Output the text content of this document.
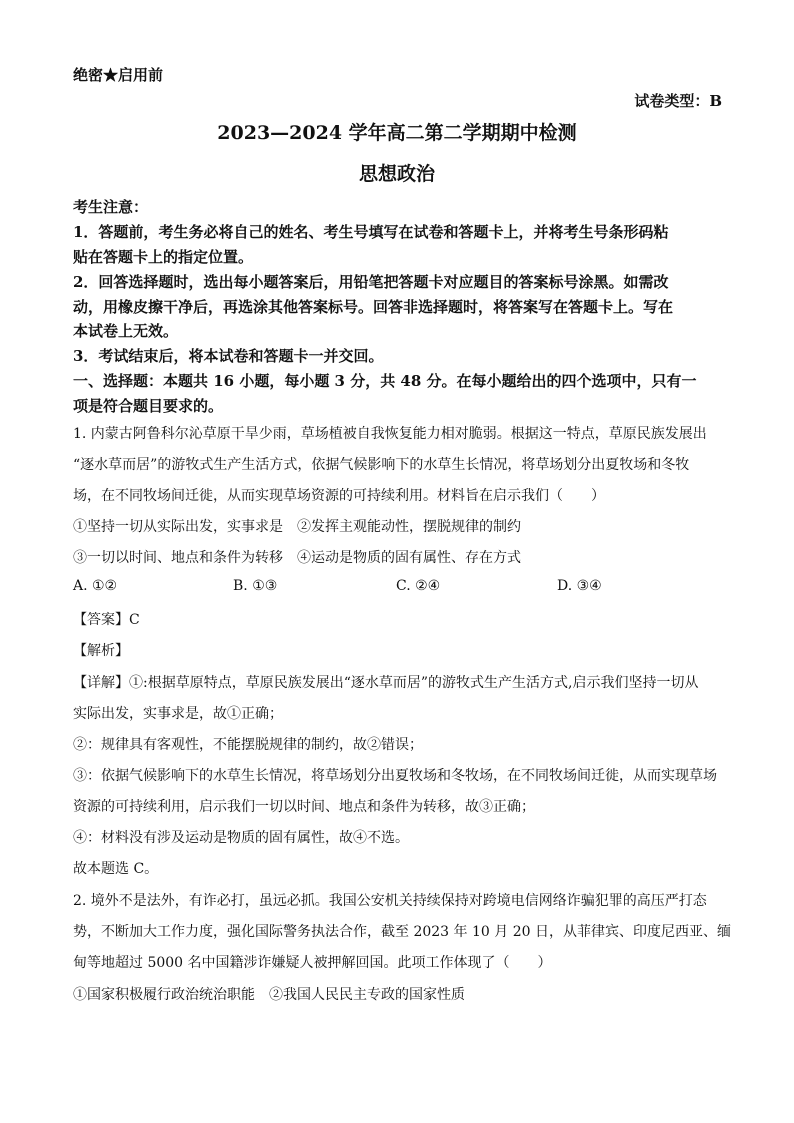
绝密★启用前
试卷类型：B
2023—2024 学年高二第二学期期中检测
思想政治
考生注意：
1．答题前，考生务必将自己的姓名、考生号填写在试卷和答题卡上，并将考生号条形码粘
贴在答题卡上的指定位置。
2．回答选择题时，选出每小题答案后，用铅笔把答题卡对应题目的答案标号涂黑。如需改
动，用橡皮擦干净后，再选涂其他答案标号。回答非选择题时，将答案写在答题卡上。写在
本试卷上无效。
3．考试结束后，将本试卷和答题卡一并交回。
一、选择题：本题共 16 小题，每小题 3 分，共 48 分。在每小题给出的四个选项中，只有一
项是符合题目要求的。
1. 内蒙古阿鲁科尔沁草原干旱少雨，草场植被自我恢复能力相对脆弱。根据这一特点，草原民族发展出
“逐水草而居”的游牧式生产生活方式，依据气候影响下的水草生长情况，将草场划分出夏牧场和冬牧
场，在不同牧场间迁徙，从而实现草场资源的可持续利用。材料旨在启示我们（　　）
①坚持一切从实际出发，实事求是　②发挥主观能动性，摆脱规律的制约
③一切以时间、地点和条件为转移　④运动是物质的固有属性、存在方式
A. ①②	B. ①③	C. ②④	D. ③④
【答案】C
【解析】
【详解】①:根据草原特点，草原民族发展出“逐水草而居”的游牧式生产生活方式,启示我们坚持一切从
实际出发，实事求是，故①正确；
②：规律具有客观性，不能摆脱规律的制约，故②错误；
③：依据气候影响下的水草生长情况，将草场划分出夏牧场和冬牧场，在不同牧场间迁徙，从而实现草场
资源的可持续利用，启示我们一切以时间、地点和条件为转移，故③正确；
④：材料没有涉及运动是物质的固有属性，故④不选。
故本题选 C。
2. 境外不是法外，有诈必打，虽远必抓。我国公安机关持续保持对跨境电信网络诈骗犯罪的高压严打态
势，不断加大工作力度，强化国际警务执法合作，截至 2023 年 10 月 20 日，从菲律宾、印度尼西亚、缅
甸等地超过 5000 名中国籍涉诈嫌疑人被押解回国。此项工作体现了（　　）
①国家积极履行政治统治职能　②我国人民民主专政的国家性质
